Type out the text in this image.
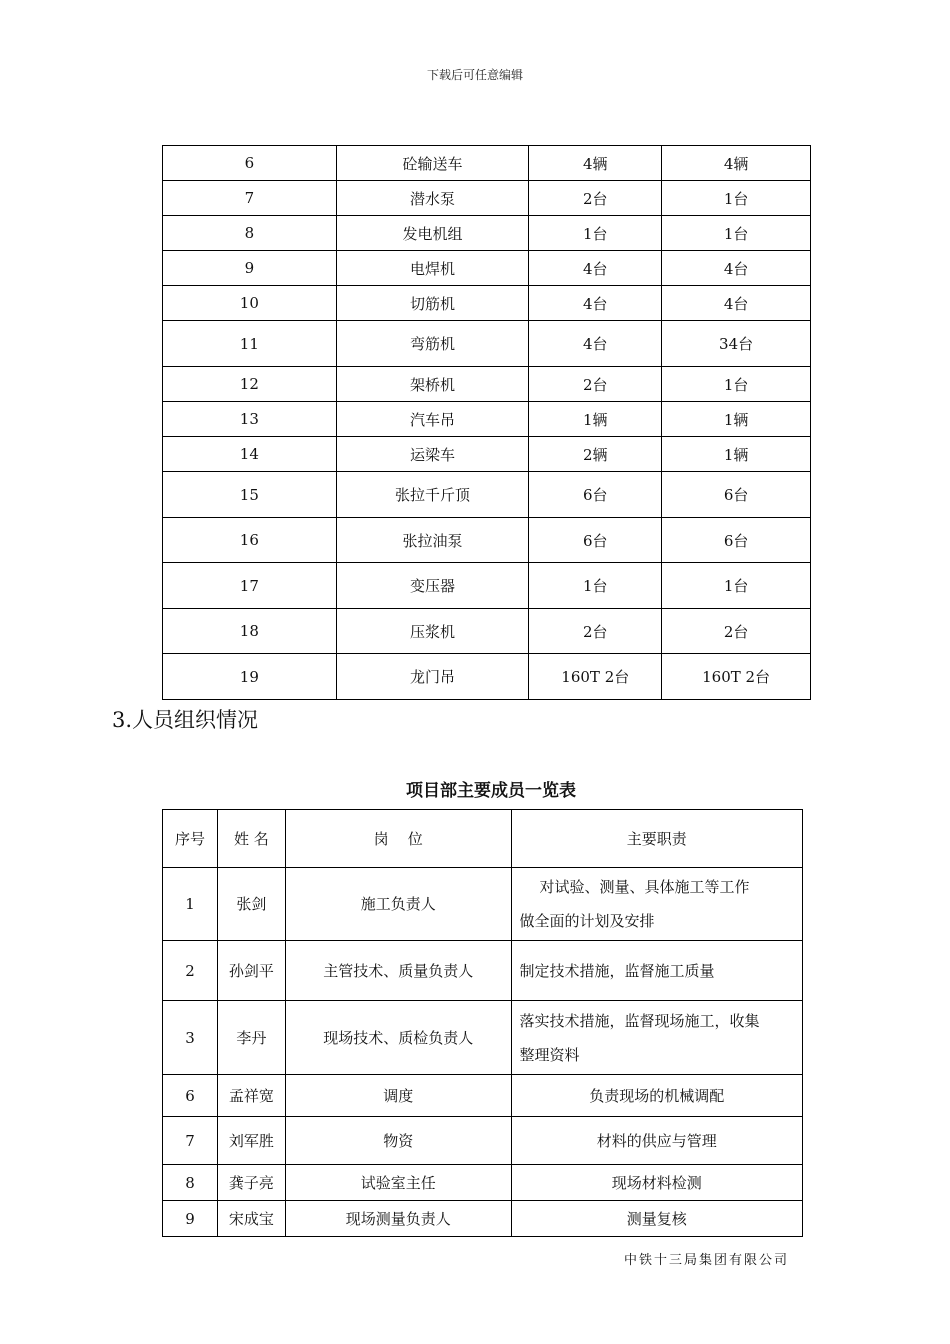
下载后可任意编辑
6	砼输送车	4辆	4辆
7	潜水泵	2台	1台
8	发电机组	1台	1台
9	电焊机	4台	4台
10	切筋机	4台	4台
11	弯筋机	4台	34台
12	架桥机	2台	1台
13	汽车吊	1辆	1辆
14	运梁车	2辆	1辆
15	张拉千斤顶	6台	6台
16	张拉油泵	6台	6台
17	变压器	1台	1台
18	压浆机	2台	2台
19	龙门吊	160T 2台	160T 2台
3.人员组织情况
项目部主要成员一览表
序号	姓 名	岗    位	主要职责
1	张剑	施工负责人	对试验、测量、具体施工等工作
做全面的计划及安排

2	孙剑平	主管技术、质量负责人	制定技术措施，监督施工质量
3	李丹	现场技术、质检负责人	落实技术措施，监督现场施工，收集
整理资料

6	孟祥宽	调度	负责现场的机械调配
7	刘军胜	物资	材料的供应与管理
8	龚子亮	试验室主任	现场材料检测
9	宋成宝	现场测量负责人	测量复核
中铁十三局集团有限公司
